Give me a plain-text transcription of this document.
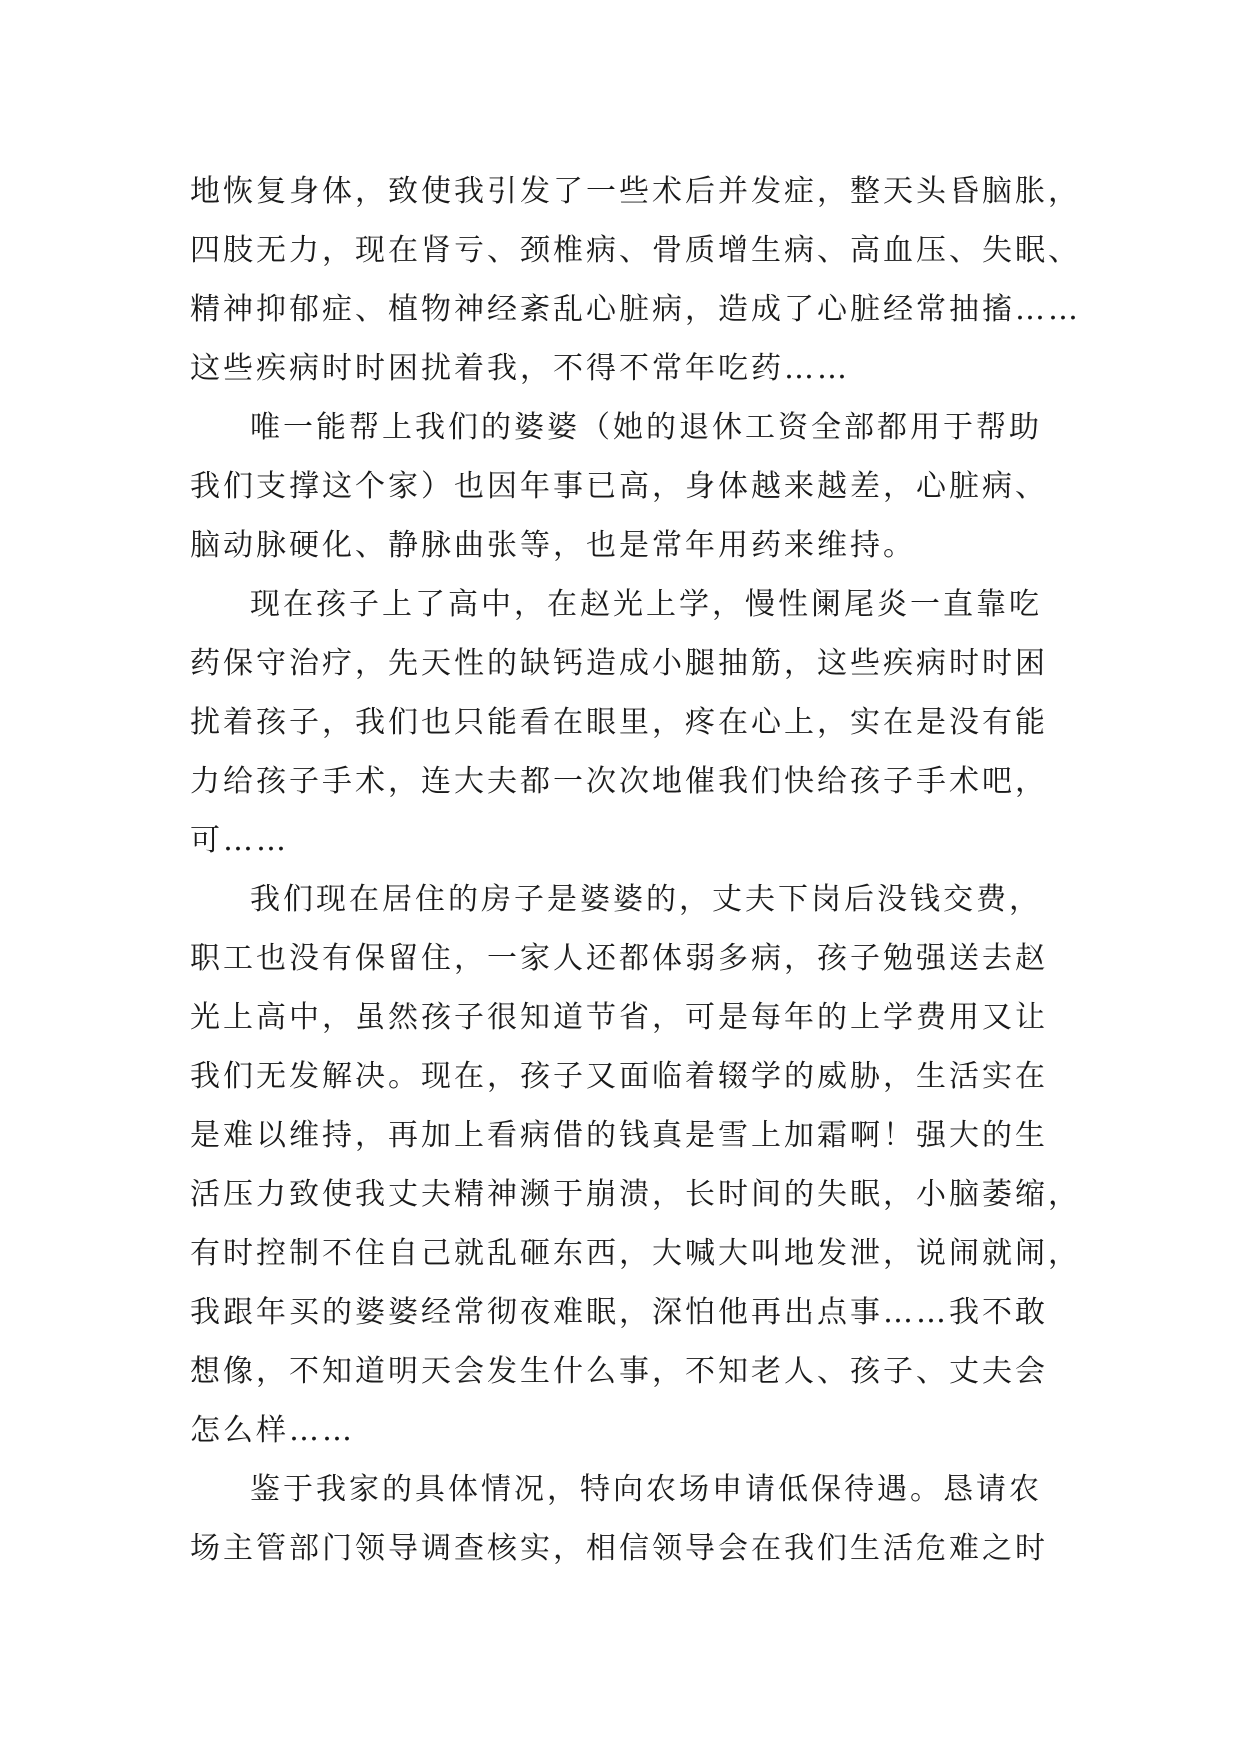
地恢复身体，致使我引发了一些术后并发症，整天头昏脑胀，
四肢无力，现在肾亏、颈椎病、骨质增生病、高血压、失眠、
精神抑郁症、植物神经紊乱心脏病，造成了心脏经常抽搐……
这些疾病时时困扰着我，不得不常年吃药……
唯一能帮上我们的婆婆（她的退休工资全部都用于帮助
我们支撑这个家）也因年事已高，身体越来越差，心脏病、
脑动脉硬化、静脉曲张等，也是常年用药来维持。
现在孩子上了高中，在赵光上学，慢性阑尾炎一直靠吃
药保守治疗，先天性的缺钙造成小腿抽筋，这些疾病时时困
扰着孩子，我们也只能看在眼里，疼在心上，实在是没有能
力给孩子手术，连大夫都一次次地催我们快给孩子手术吧，
可……
我们现在居住的房子是婆婆的，丈夫下岗后没钱交费，
职工也没有保留住，一家人还都体弱多病，孩子勉强送去赵
光上高中，虽然孩子很知道节省，可是每年的上学费用又让
我们无发解决。现在，孩子又面临着辍学的威胁，生活实在
是难以维持，再加上看病借的钱真是雪上加霜啊！强大的生
活压力致使我丈夫精神濒于崩溃，长时间的失眠，小脑萎缩，
有时控制不住自己就乱砸东西，大喊大叫地发泄，说闹就闹，
我跟年买的婆婆经常彻夜难眠，深怕他再出点事……我不敢
想像，不知道明天会发生什么事，不知老人、孩子、丈夫会
怎么样……
鉴于我家的具体情况，特向农场申请低保待遇。恳请农
场主管部门领导调查核实，相信领导会在我们生活危难之时
